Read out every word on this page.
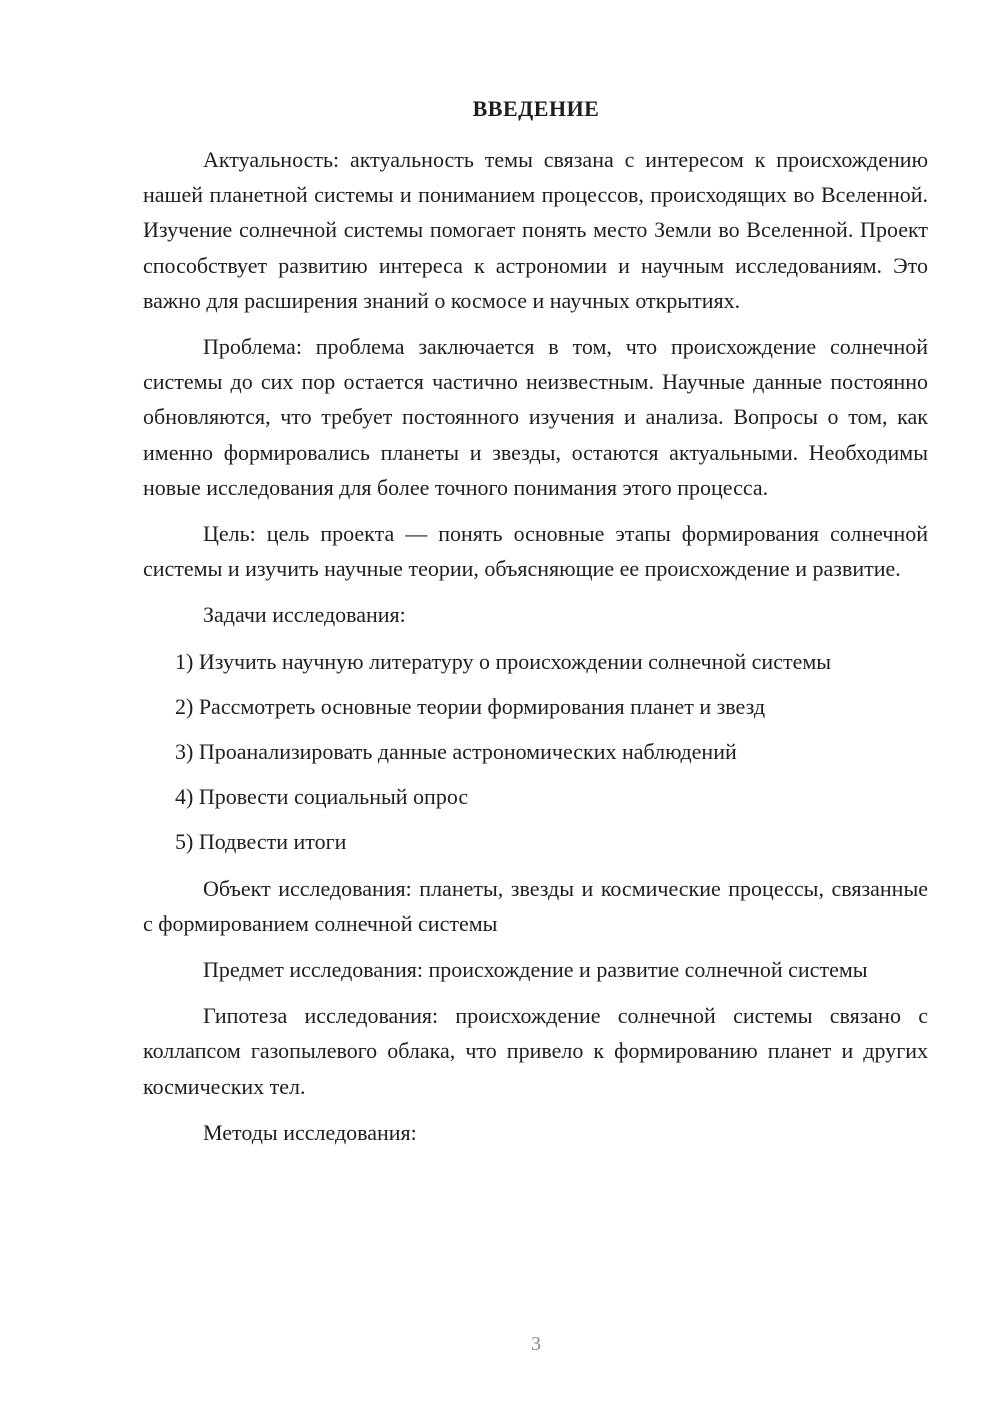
ВВЕДЕНИЕ

Актуальность: актуальность темы связана с интересом к происхождению нашей планетной системы и пониманием процессов, происходящих во Вселенной. Изучение солнечной системы помогает понять место Земли во Вселенной. Проект способствует развитию интереса к астрономии и научным исследованиям. Это важно для расширения знаний о космосе и научных открытиях.

Проблема: проблема заключается в том, что происхождение солнечной системы до сих пор остается частично неизвестным. Научные данные постоянно обновляются, что требует постоянного изучения и анализа. Вопросы о том, как именно формировались планеты и звезды, остаются актуальными. Необходимы новые исследования для более точного понимания этого процесса.

Цель: цель проекта — понять основные этапы формирования солнечной системы и изучить научные теории, объясняющие ее происхождение и развитие.

Задачи исследования:

1) Изучить научную литературу о происхождении солнечной системы
2) Рассмотреть основные теории формирования планет и звезд
3) Проанализировать данные астрономических наблюдений
4) Провести социальный опрос
5) Подвести итоги

Объект исследования: планеты, звезды и космические процессы, связанные с формированием солнечной системы

Предмет исследования: происхождение и развитие солнечной системы

Гипотеза исследования: происхождение солнечной системы связано с коллапсом газопылевого облака, что привело к формированию планет и других космических тел.

Методы исследования:

3
